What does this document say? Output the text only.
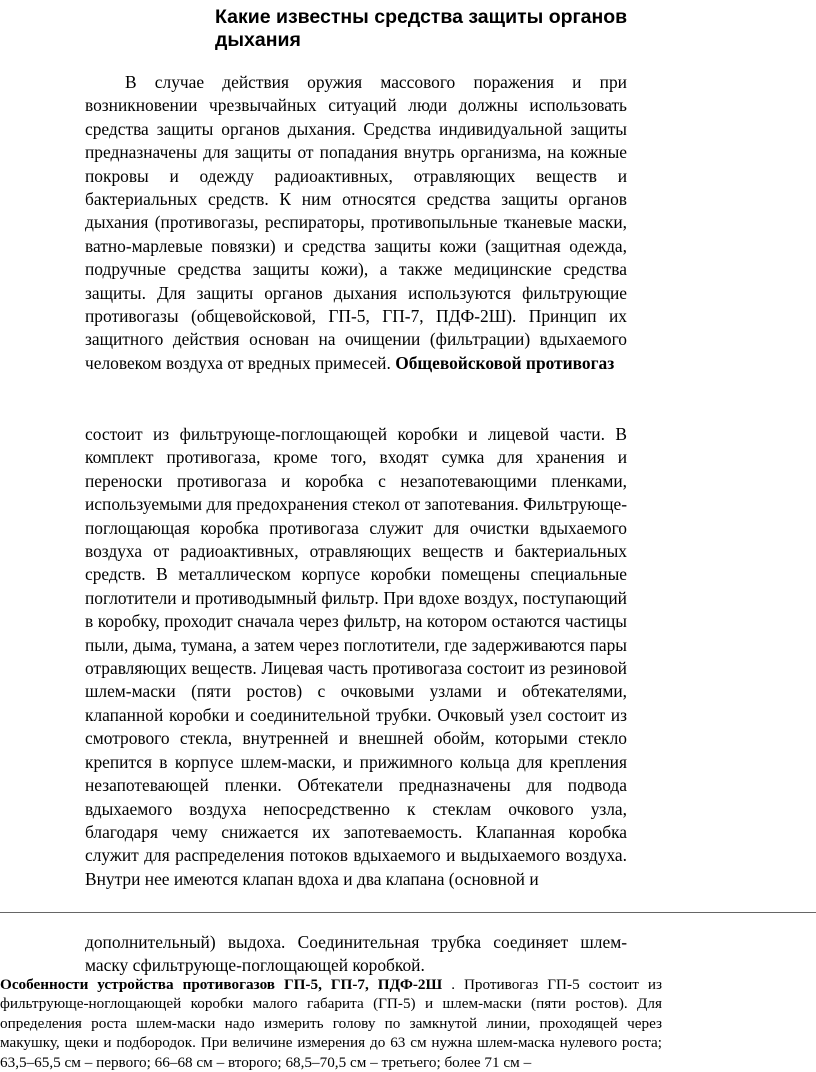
Какие известны средства защиты органов дыхания

В случае действия оружия массового поражения и при возникновении чрезвычайных ситуаций люди должны использовать средства защиты органов дыхания. Средства индивидуальной защиты предназначены для защиты от попадания внутрь организма, на кожные покровы и одежду радиоактивных, отравляющих веществ и бактериальных средств. К ним относятся средства защиты органов дыхания (противогазы, респираторы, противопыльные тканевые маски, ватно-марлевые повязки) и средства защиты кожи (защитная одежда, подручные средства защиты кожи), а также медицинские средства защиты. Для защиты органов дыхания используются фильтрующие противогазы (общевойсковой, ГП-5, ГП-7, ПДФ-2Ш). Принцип их защитного действия основан на очищении (фильтрации) вдыхаемого человеком воздуха от вредных примесей. Общевойсковой противогаз

состоит из фильтрующе-поглощающей коробки и лицевой части. В комплект противогаза, кроме того, входят сумка для хранения и переноски противогаза и коробка с незапотевающими пленками, используемыми для предохранения стекол от запотевания. Фильтрующе-поглощающая коробка противогаза служит для очистки вдыхаемого воздуха от радиоактивных, отравляющих веществ и бактериальных средств. В металлическом корпусе коробки помещены специальные поглотители и противодымный фильтр. При вдохе воздух, поступающий в коробку, проходит сначала через фильтр, на котором остаются частицы пыли, дыма, тумана, а затем через поглотители, где задерживаются пары отравляющих веществ. Лицевая часть противогаза состоит из резиновой шлем-маски (пяти ростов) с очковыми узлами и обтекателями, клапанной коробки и соединительной трубки. Очковый узел состоит из смотрового стекла, внутренней и внешней обойм, которыми стекло крепится в корпусе шлем-маски, и прижимного кольца для крепления незапотевающей пленки. Обтекатели предназначены для подвода вдыхаемого воздуха непосредственно к стеклам очкового узла, благодаря чему снижается их запотеваемость. Клапанная коробка служит для распределения потоков вдыхаемого и выдыхаемого воздуха. Внутри нее имеются клапан вдоха и два клапана (основной и

дополнительный) выдоха. Соединительная трубка соединяет шлем-маску сфильтрующе-поглощающей коробкой.

Особенности устройства противогазов ГП-5, ГП-7, ПДФ-2Ш . Противогаз ГП-5 состоит из фильтрующе-ноглощающей коробки малого габарита (ГП-5) и шлем-маски (пяти ростов). Для определения роста шлем-маски надо измерить голову по замкнутой линии, проходящей через макушку, щеки и подбородок. При величине измерения до 63 см нужна шлем-маска нулевого роста; 63,5–65,5 см – первого; 66–68 см – второго; 68,5–70,5 см – третьего; более 71 см –
